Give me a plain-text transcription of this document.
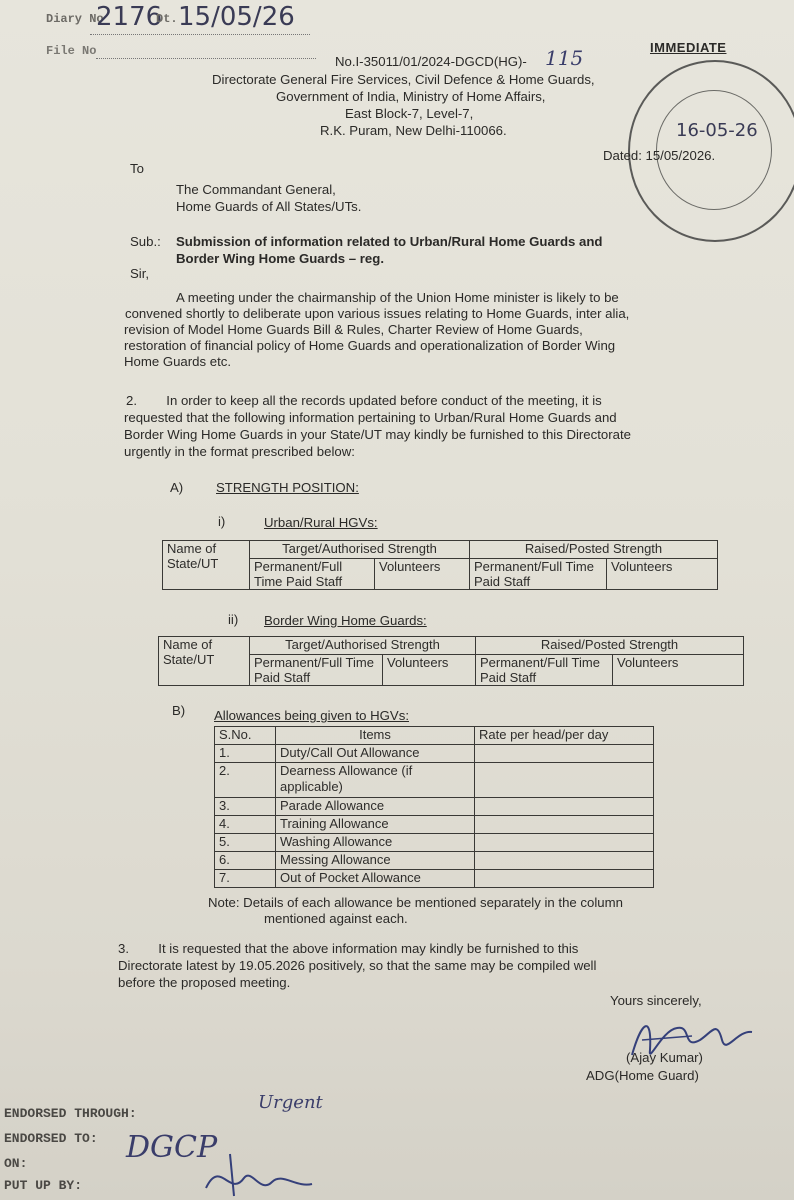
Diary No
2176
Dt. 15/05/26
File No	IMMEDIATE
No.I-35011/01/2024-DGCD(HG)- 115
Directorate General Fire Services, Civil Defence & Home Guards,
Government of India, Ministry of Home Affairs,
East Block-7, Level-7,
R.K. Puram, New Delhi-110066.	16-05-26
Dated: 15/05/2026.
To
The Commandant General,
Home Guards of All States/UTs.
Sub.: Submission of information related to Urban/Rural Home Guards and
Border Wing Home Guards – reg.
Sir,
A meeting under the chairmanship of the Union Home minister is likely to be
convened shortly to deliberate upon various issues relating to Home Guards, inter alia,
revision of Model Home Guards Bill & Rules, Charter Review of Home Guards,
restoration of financial policy of Home Guards and operationalization of Border Wing
Home Guards etc.
2.        In order to keep all the records updated before conduct of the meeting, it is
requested that the following information pertaining to Urban/Rural Home Guards and
Border Wing Home Guards in your State/UT may kindly be furnished to this Directorate
urgently in the format prescribed below:
A) STRENGTH POSITION:
i)	Urban/Rural HGVs:
Name of State/UT	Target/Authorised Strength		Raised/Posted Strength	
	Permanent/Full Time Paid Staff	Volunteers	Permanent/Full Time Paid Staff	Volunteers
ii) Border Wing Home Guards:
Name of State/UT	Target/Authorised Strength		Raised/Posted Strength	
	Permanent/Full Time Paid Staff	Volunteers	Permanent/Full Time Paid Staff	Volunteers
B) Allowances being given to HGVs:
S.No.	Items	Rate per head/per day
1.	Duty/Call Out Allowance	
2.	Dearness Allowance (if applicable)	
3.	Parade Allowance	
4.	Training Allowance	
5.	Washing Allowance	
6.	Messing Allowance	
7.	Out of Pocket Allowance	
Note: Details of each allowance be mentioned separately in the column
mentioned against each.
3.        It is requested that the above information may kindly be furnished to this
Directorate latest by 19.05.2026 positively, so that the same may be compiled well
before the proposed meeting.
Yours sincerely,
(Ajay Kumar)
ADG(Home Guard)
ENDORSED THROUGH:
ENDORSED TO:
ON:
PUT UP BY:
Urgent
DGCP
